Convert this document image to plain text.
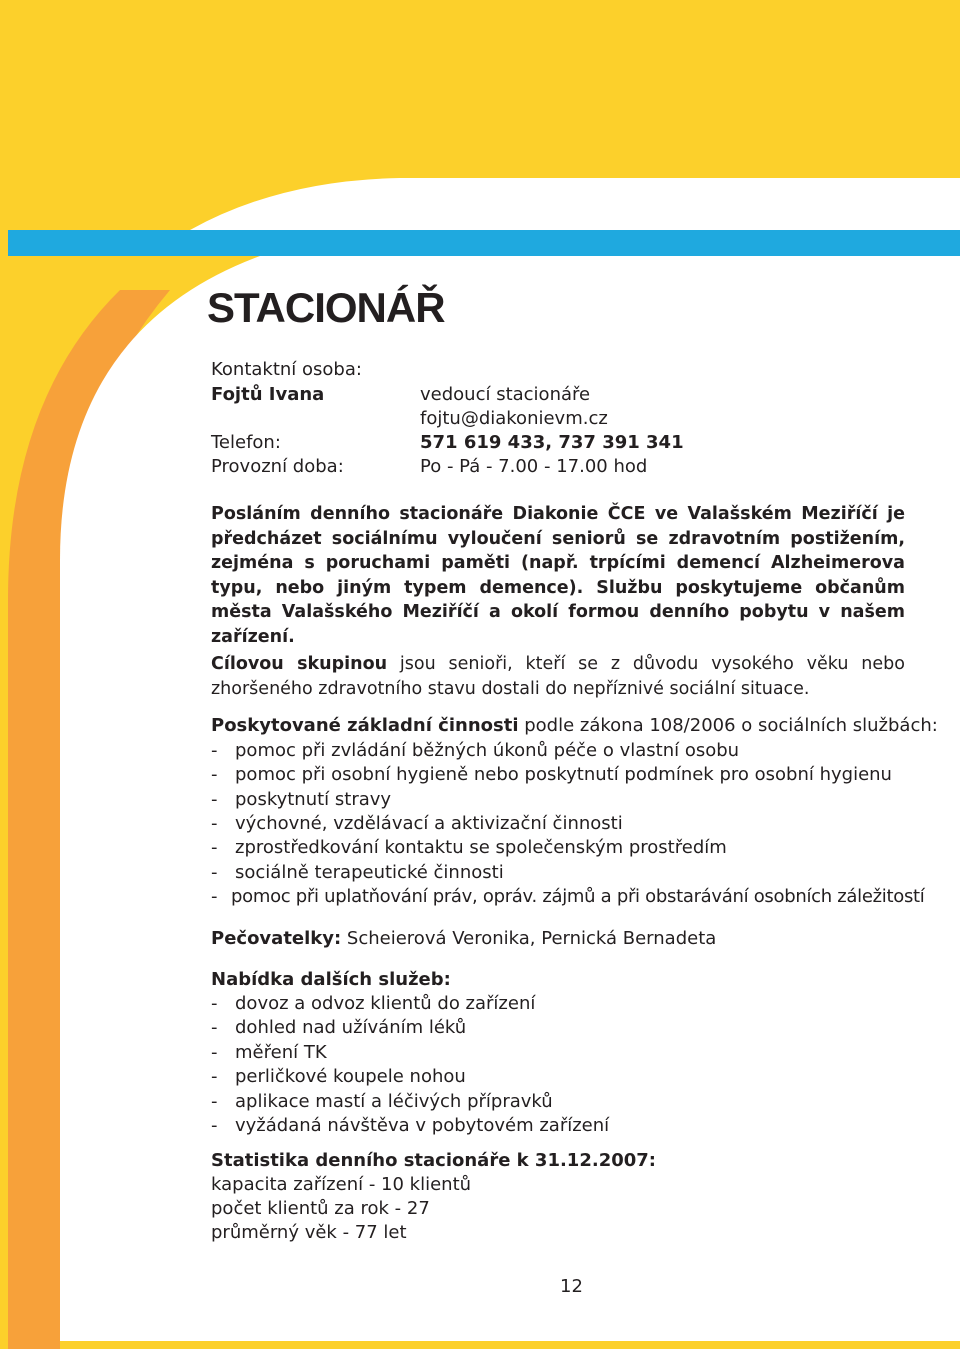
STACIONÁŘ
Kontaktní osoba:
Fojtů Ivana	vedoucí stacionáře
fojtu@diakonievm.cz
Telefon:	571 619 433, 737 391 341
Provozní doba:	Po - Pá - 7.00 - 17.00 hod
Posláním denního stacionáře Diakonie ČCE ve Valašském Meziříčí je předcházet sociálnímu vyloučení seniorů se zdravotním postižením, zejména s poruchami paměti (např. trpícími demencí Alzheimerova typu, nebo jiným typem demence). Službu poskytujeme občanům města Valašského Meziříčí a okolí formou denního pobytu v našem zařízení.
Cílovou skupinou jsou senioři, kteří se z důvodu vysokého věku nebo zhoršeného zdravotního stavu dostali do nepříznivé sociální situace.
Poskytované základní činnosti podle zákona 108/2006 o sociálních službách:
- pomoc při zvládání běžných úkonů péče o vlastní osobu
- pomoc při osobní hygieně nebo poskytnutí podmínek pro osobní hygienu
- poskytnutí stravy
- výchovné, vzdělávací a aktivizační činnosti
- zprostředkování kontaktu se společenským prostředím
- sociálně terapeutické činnosti
- pomoc při uplatňování práv, opráv. zájmů a při obstarávání osobních záležitostí
Pečovatelky: Scheierová Veronika, Pernická Bernadeta
Nabídka dalších služeb:
- dovoz a odvoz klientů do zařízení
- dohled nad užíváním léků
- měření TK
- perličkové koupele nohou
- aplikace mastí a léčivých přípravků
- vyžádaná návštěva v pobytovém zařízení
Statistika denního stacionáře k 31.12.2007:
kapacita zařízení - 10 klientů
počet klientů za rok - 27
průměrný věk - 77 let
12
